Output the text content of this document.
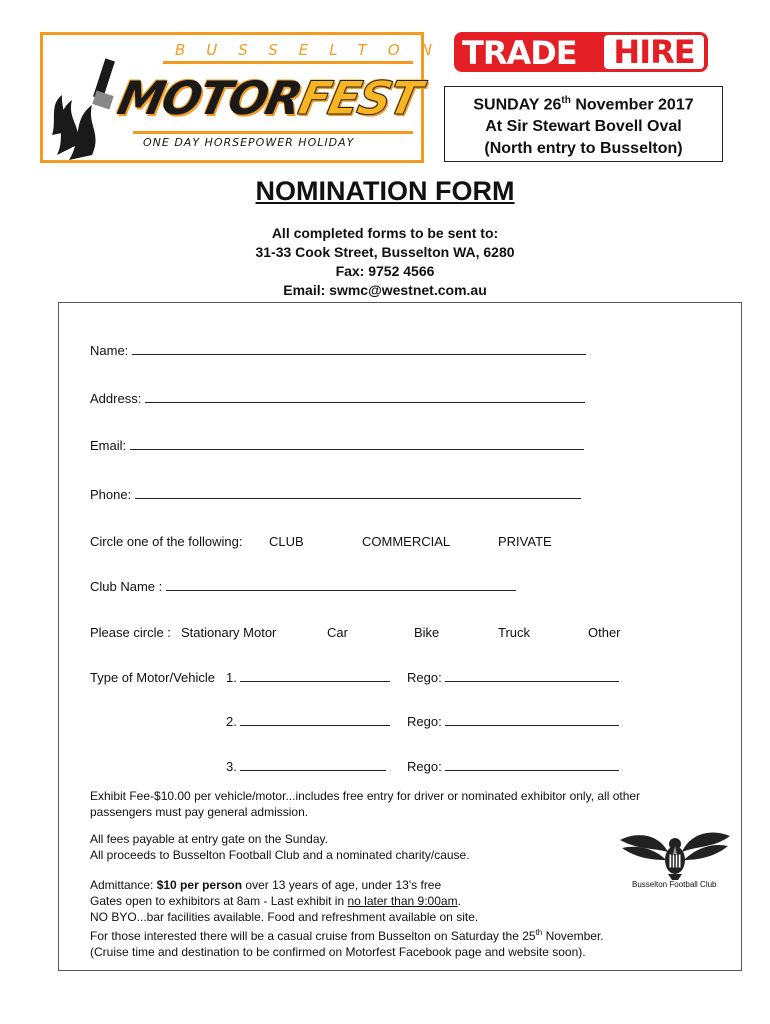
BUSSELTON
MOTORFEST
ONE DAY HORSEPOWER HOLIDAY
TRADE HIRE
SUNDAY 26th November 2017
At Sir Stewart Bovell Oval
(North entry to Busselton)
NOMINATION FORM
All completed forms to be sent to:
31-33 Cook Street, Busselton WA, 6280
Fax: 9752 4566
Email: swmc@westnet.com.au
Name:
Address:
Email:
Phone:
Circle one of the following: CLUB	COMMERCIAL	PRIVATE
Club Name :
Please circle : Stationary Motor	Car	Bike	Truck	Other
Type of Motor/Vehicle 1.	Rego:
2.	Rego:
3.	Rego:
Exhibit Fee-$10.00 per vehicle/motor...includes free entry for driver or nominated exhibitor only, all other passengers must pay general admission.
All fees payable at entry gate on the Sunday.
All proceeds to Busselton Football Club and a nominated charity/cause.
Admittance: $10 per person over 13 years of age, under 13's free
Gates open to exhibitors at 8am - Last exhibit in no later than 9:00am.
NO BYO...bar facilities available. Food and refreshment available on site.
For those interested there will be a casual cruise from Busselton on Saturday the 25th November.
(Cruise time and destination to be confirmed on Motorfest Facebook page and website soon).
Busselton Football Club
